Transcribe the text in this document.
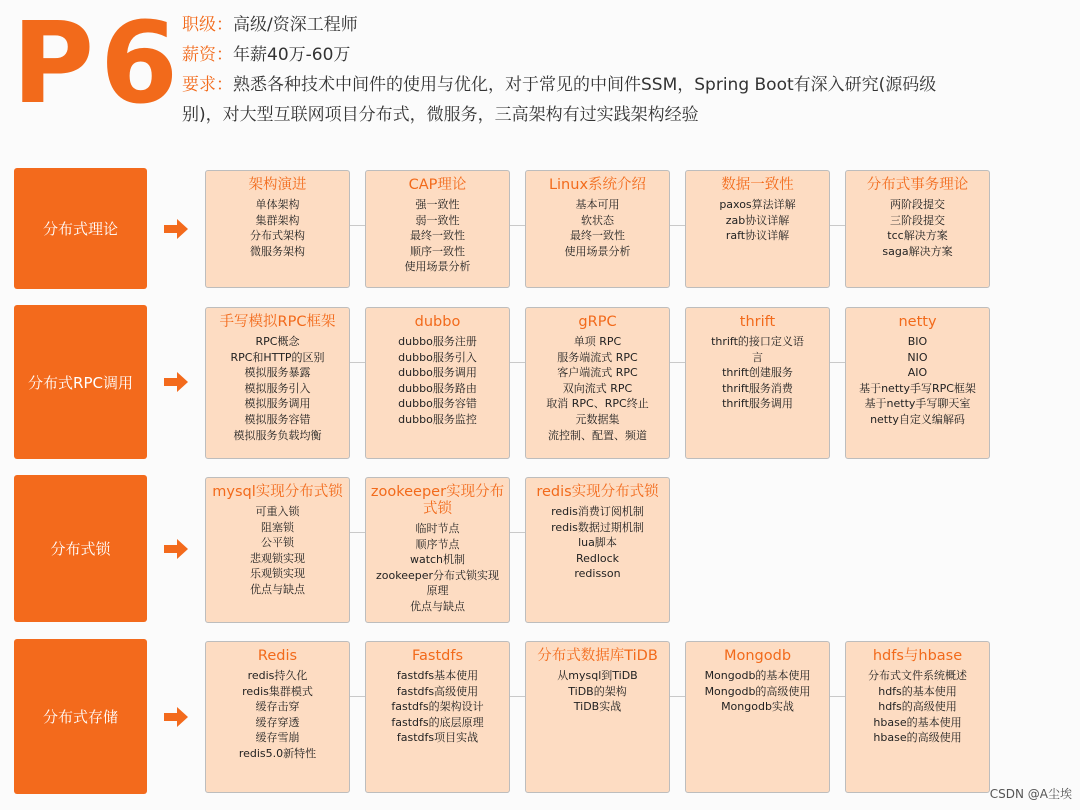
P6
职级：高级/资深工程师
薪资：年薪40万-60万
要求：熟悉各种技术中间件的使用与优化，对于常见的中间件SSM，Spring Boot有深入研究(源码级
别)，对大型互联网项目分布式，微服务，三高架构有过实践架构经验
分布式理论
架构演进
单体架构
集群架构
分布式架构
微服务架构
CAP理论
强一致性
弱一致性
最终一致性
顺序一致性
使用场景分析
Linux系统介绍
基本可用
软状态
最终一致性
使用场景分析
数据一致性
paxos算法详解
zab协议详解
raft协议详解
分布式事务理论
两阶段提交
三阶段提交
tcc解决方案
saga解决方案
分布式RPC调用
手写模拟RPC框架
RPC概念
RPC和HTTP的区别
模拟服务暴露
模拟服务引入
模拟服务调用
模拟服务容错
模拟服务负载均衡
dubbo
dubbo服务注册
dubbo服务引入
dubbo服务调用
dubbo服务路由
dubbo服务容错
dubbo服务监控
gRPC
单项 RPC
服务端流式 RPC
客户端流式 RPC
双向流式 RPC
取消 RPC、RPC终止
元数据集
流控制、配置、频道
thrift
thrift的接口定义语
言
thrift创建服务
thrift服务消费
thrift服务调用
netty
BIO
NIO
AIO
基于netty手写RPC框架
基于netty手写聊天室
netty自定义编解码
分布式锁
mysql实现分布式锁
可重入锁
阻塞锁
公平锁
悲观锁实现
乐观锁实现
优点与缺点
zookeeper实现分布式锁
临时节点
顺序节点
watch机制
zookeeper分布式锁实现
原理
优点与缺点
redis实现分布式锁
redis消费订阅机制
redis数据过期机制
lua脚本
Redlock
redisson
分布式存储
Redis
redis持久化
redis集群模式
缓存击穿
缓存穿透
缓存雪崩
redis5.0新特性
Fastdfs
fastdfs基本使用
fastdfs高级使用
fastdfs的架构设计
fastdfs的底层原理
fastdfs项目实战
分布式数据库TiDB
从mysql到TiDB
TiDB的架构
TiDB实战
Mongodb
Mongodb的基本使用
Mongodb的高级使用
Mongodb实战
hdfs与hbase
分布式文件系统概述
hdfs的基本使用
hdfs的高级使用
hbase的基本使用
hbase的高级使用
CSDN @A尘埃
